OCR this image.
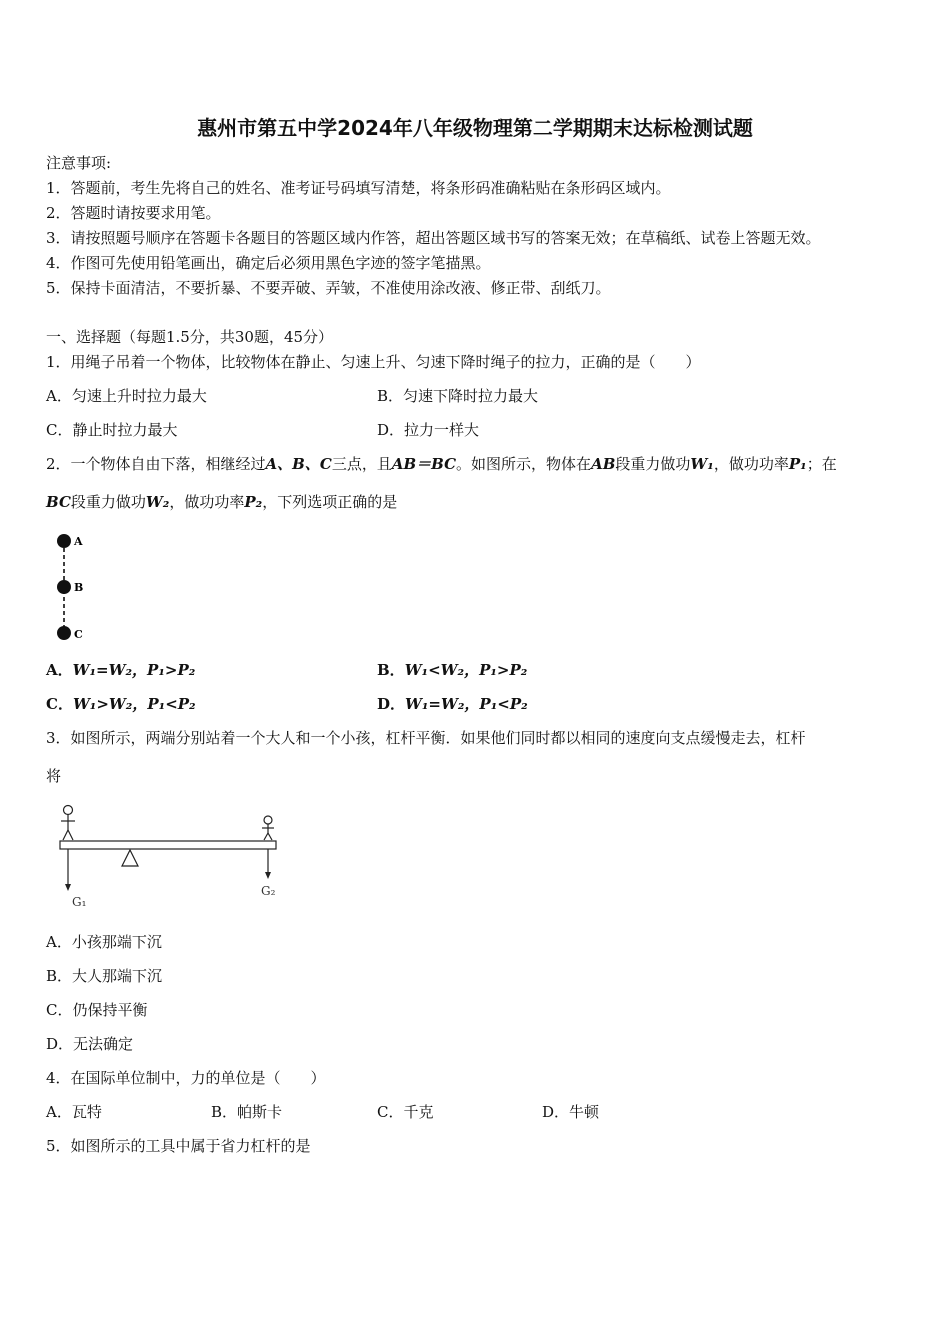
惠州市第五中学2024年八年级物理第二学期期末达标检测试题
注意事项:
1．答题前，考生先将自己的姓名、准考证号码填写清楚，将条形码准确粘贴在条形码区域内。
2．答题时请按要求用笔。
3．请按照题号顺序在答题卡各题目的答题区域内作答，超出答题区域书写的答案无效；在草稿纸、试卷上答题无效。
4．作图可先使用铅笔画出，确定后必须用黑色字迹的签字笔描黑。
5．保持卡面清洁，不要折暴、不要弄破、弄皱，不准使用涂改液、修正带、刮纸刀。
一、选择题（每题1.5分，共30题，45分）
1．用绳子吊着一个物体，比较物体在静止、匀速上升、匀速下降时绳子的拉力，正确的是（　　）
A．匀速上升时拉力最大	B．匀速下降时拉力最大
C．静止时拉力最大	D．拉力一样大
2．一个物体自由下落，相继经过A、B、C三点，且AB＝BC。如图所示，物体在AB段重力做功W₁，做功功率P₁；在
BC段重力做功W₂，做功功率P₂，下列选项正确的是
A
B
C
A．W₁=W₂，P₁>P₂	B．W₁<W₂，P₁>P₂
C．W₁>W₂，P₁<P₂	D．W₁=W₂，P₁<P₂
3．如图所示，两端分别站着一个大人和一个小孩，杠杆平衡．如果他们同时都以相同的速度向支点缓慢走去，杠杆
将
G₁
G₂
A．小孩那端下沉
B．大人那端下沉
C．仍保持平衡
D．无法确定
4．在国际单位制中，力的单位是（　　）
A．瓦特	B．帕斯卡	C．千克	D．牛顿
5．如图所示的工具中属于省力杠杆的是
